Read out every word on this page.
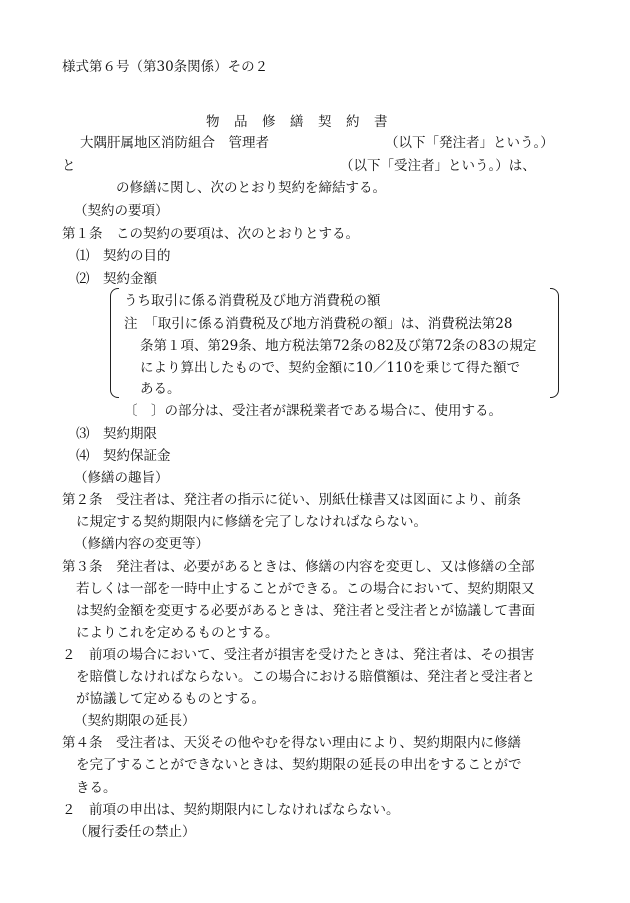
様式第６号（第30条関係）その２
物　品　修　繕　契　約　書
大隅肝属地区消防組合　管理者	（以下「発注者」という。）
と	（以下「受注者」という。）は、
の修繕に関し、次のとおり契約を締結する。
（契約の要項）
第１条　この契約の要項は、次のとおりとする。
⑴　契約の目的
⑵　契約金額
うち取引に係る消費税及び地方消費税の額
注　「取引に係る消費税及び地方消費税の額」は、消費税法第28
条第１項、第29条、地方税法第72条の82及び第72条の83の規定
により算出したもので、契約金額に10／110を乗じて得た額で
ある。
〔　〕の部分は、受注者が課税業者である場合に、使用する。
⑶　契約期限
⑷　契約保証金
（修繕の趣旨）
第２条　受注者は、発注者の指示に従い、別紙仕様書又は図面により、前条
に規定する契約期限内に修繕を完了しなければならない。
（修繕内容の変更等）
第３条　発注者は、必要があるときは、修繕の内容を変更し、又は修繕の全部
若しくは一部を一時中止することができる。この場合において、契約期限又
は契約金額を変更する必要があるときは、発注者と受注者とが協議して書面
によりこれを定めるものとする。
２　前項の場合において、受注者が損害を受けたときは、発注者は、その損害
を賠償しなければならない。この場合における賠償額は、発注者と受注者と
が協議して定めるものとする。
（契約期限の延長）
第４条　受注者は、天災その他やむを得ない理由により、契約期限内に修繕
を完了することができないときは、契約期限の延長の申出をすることがで
きる。
２　前項の申出は、契約期限内にしなければならない。
（履行委任の禁止）
